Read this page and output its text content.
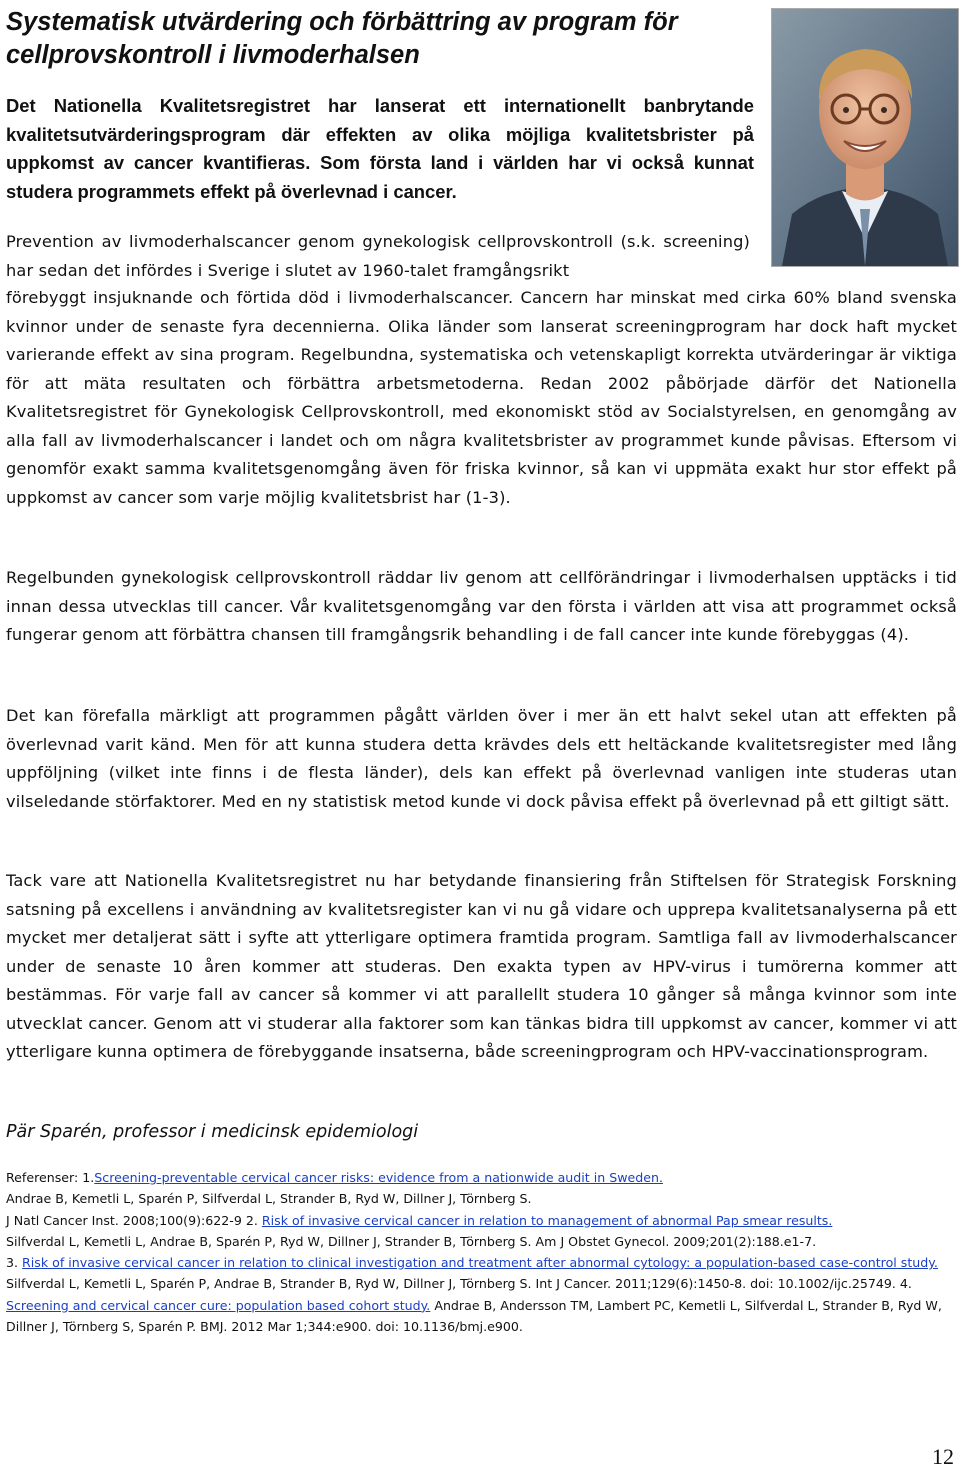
Systematisk utvärdering och förbättring av program för cellprovskontroll i livmoderhalsen

Det Nationella Kvalitetsregistret har lanserat ett internationellt banbrytande kvalitetsutvärderingsprogram där effekten av olika möjliga kvalitetsbrister på uppkomst av cancer kvantifieras. Som första land i världen har vi också kunnat studera programmets effekt på överlevnad i cancer.

Prevention av livmoderhalscancer genom gynekologisk cellprovskontroll (s.k. screening) har sedan det infördes i Sverige i slutet av 1960-talet framgångsrikt

förebyggt insjuknande och förtida död i livmoderhalscancer. Cancern har minskat med cirka 60% bland svenska kvinnor under de senaste fyra decennierna. Olika länder som lanserat screeningprogram har dock haft mycket varierande effekt av sina program. Regelbundna, systematiska och vetenskapligt korrekta utvärderingar är viktiga för att mäta resultaten och förbättra arbetsmetoderna. Redan 2002 påbörjade därför det Nationella Kvalitetsregistret för Gynekologisk Cellprovskontroll, med ekonomiskt stöd av Socialstyrelsen, en genomgång av alla fall av livmoderhalscancer i landet och om några kvalitetsbrister av programmet kunde påvisas. Eftersom vi genomför exakt samma kvalitetsgenomgång även för friska kvinnor, så kan vi uppmäta exakt hur stor effekt på uppkomst av cancer som varje möjlig kvalitetsbrist har (1-3).

Regelbunden gynekologisk cellprovskontroll räddar liv genom att cellförändringar i livmoderhalsen upptäcks i tid innan dessa utvecklas till cancer. Vår kvalitetsgenomgång var den första i världen att visa att programmet också fungerar genom att förbättra chansen till framgångsrik behandling i de fall cancer inte kunde förebyggas (4).

Det kan förefalla märkligt att programmen pågått världen över i mer än ett halvt sekel utan att effekten på överlevnad varit känd. Men för att kunna studera detta krävdes dels ett heltäckande kvalitetsregister med lång uppföljning (vilket inte finns i de flesta länder), dels kan effekt på överlevnad vanligen inte studeras utan vilseledande störfaktorer. Med en ny statistisk metod kunde vi dock påvisa effekt på överlevnad på ett giltigt sätt.

Tack vare att Nationella Kvalitetsregistret nu har betydande finansiering från Stiftelsen för Strategisk Forskning satsning på excellens i användning av kvalitetsregister kan vi nu gå vidare och upprepa kvalitetsanalyserna på ett mycket mer detaljerat sätt i syfte att ytterligare optimera framtida program. Samtliga fall av livmoderhalscancer under de senaste 10 åren kommer att studeras. Den exakta typen av HPV-virus i tumörerna kommer att bestämmas. För varje fall av cancer så kommer vi att parallellt studera 10 gånger så många kvinnor som inte utvecklat cancer. Genom att vi studerar alla faktorer som kan tänkas bidra till uppkomst av cancer, kommer vi att ytterligare kunna optimera de förebyggande insatserna, både screeningprogram och HPV-vaccinationsprogram.

Pär Sparén, professor i medicinsk epidemiologi

Referenser: 1.Screening-preventable cervical cancer risks: evidence from a nationwide audit in Sweden.
Andrae B, Kemetli L, Sparén P, Silfverdal L, Strander B, Ryd W, Dillner J, Törnberg S.
J Natl Cancer Inst. 2008;100(9):622-9 2. Risk of invasive cervical cancer in relation to management of abnormal Pap smear results.
Silfverdal L, Kemetli L, Andrae B, Sparén P, Ryd W, Dillner J, Strander B, Törnberg S. Am J Obstet Gynecol. 2009;201(2):188.e1-7.
3. Risk of invasive cervical cancer in relation to clinical investigation and treatment after abnormal cytology: a population-based case-control study. Silfverdal L, Kemetli L, Sparén P, Andrae B, Strander B, Ryd W, Dillner J, Törnberg S. Int J Cancer. 2011;129(6):1450-8. doi: 10.1002/ijc.25749. 4. Screening and cervical cancer cure: population based cohort study. Andrae B, Andersson TM, Lambert PC, Kemetli L, Silfverdal L, Strander B, Ryd W, Dillner J, Törnberg S, Sparén P. BMJ. 2012 Mar 1;344:e900. doi: 10.1136/bmj.e900.
12
